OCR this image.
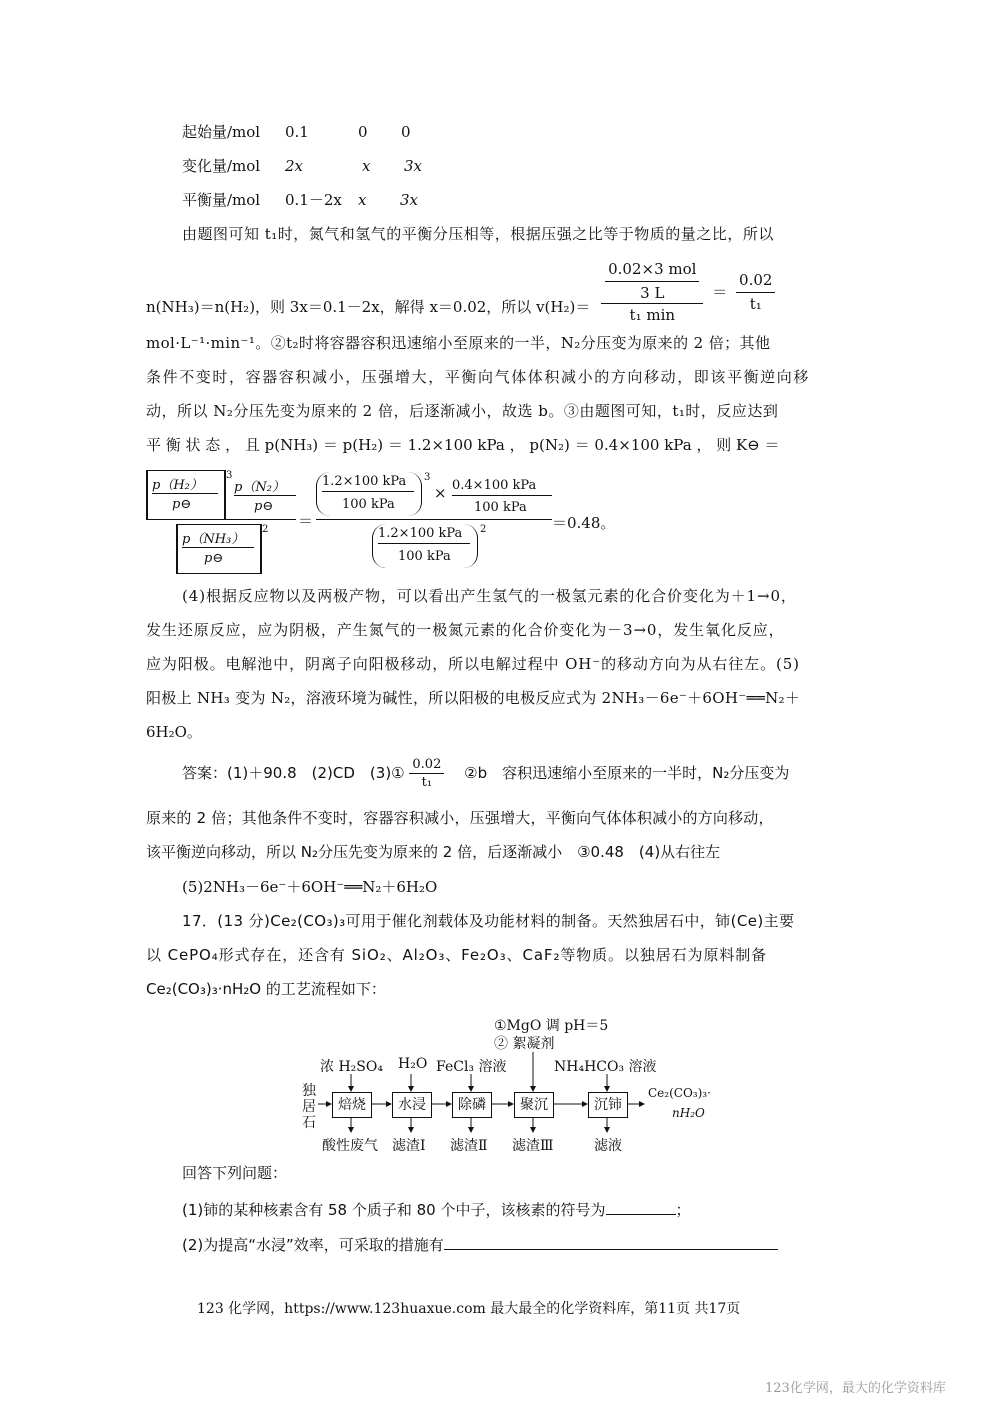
起始量/mol 0.1	0 0
变化量/mol 2x	x 3x
平衡量/mol 0.1－2x x 3x
由题图可知 t₁时，氮气和氢气的平衡分压相等，根据压强之比等于物质的量之比，所以
n(NH₃)＝n(H₂)，则 3x＝0.1－2x，解得 x＝0.02，所以 $v(H_2)= \frac{\frac{\text{0.02×3 mol}}{3 L}}{\text{t₁ min}} = \frac{0.02}{\text{t₁}}$
mol·L⁻¹·min⁻¹。②t₂时将容器容积迅速缩小至原来的一半，N₂分压变为原来的 2 倍；其他
条件不变时，容器容积减小，压强增大，平衡向气体体积减小的方向移动，即该平衡逆向移
动，所以 N₂分压先变为原来的 2 倍，后逐渐减小，故选 b。③由题图可知，t₁时，反应达到
平 衡 状 态 ， 且 p(NH₃) ＝ p(H₂) ＝ 1.2×100 kPa ， p(N₂) ＝ 0.4×100 kPa ， 则 K⊖ ＝
p（H₂）
p⊖
3
p（N₂）
p⊖
p（NH₃）
p⊖
2 ＝
1.2×100 kPa
100 kPa
3
× 0.4×100 kPa
100 kPa
1.2×100 kPa
100 kPa
2	＝0.48。
(4)根据反应物以及两极产物，可以看出产生氢气的一极氢元素的化合价变化为＋1→0，
发生还原反应，应为阴极，产生氮气的一极氮元素的化合价变化为－3→0，发生氧化反应，
应为阳极。电解池中，阴离子向阳极移动，所以电解过程中 OH⁻的移动方向为从右往左。(5)
阳极上 NH₃ 变为 N₂，溶液环境为碱性，所以阳极的电极反应式为 2NH₃－6e⁻＋6OH⁻══N₂＋
6H₂O。
答案：(1)＋90.8　(2)CD　(3)① $\frac{0.02}{\text{t₁}}$ 　②b　容积迅速缩小至原来的一半时，N₂分压变为
原来的 2 倍；其他条件不变时，容器容积减小，压强增大，平衡向气体体积减小的方向移动，
该平衡逆向移动，所以 N₂分压先变为原来的 2 倍，后逐渐减小　③0.48　(4)从右往左
(5)2NH₃－6e⁻＋6OH⁻══N₂＋6H₂O
17．(13 分)Ce₂(CO₃)₃可用于催化剂载体及功能材料的制备。天然独居石中，铈(Ce)主要
以 CePO₄形式存在，还含有 SiO₂、Al₂O₃、Fe₂O₃、CaF₂等物质。以独居石为原料制备
Ce₂(CO₃)₃·nH₂O 的工艺流程如下：
①MgO 调 pH＝5
② 絮凝剂
浓 H₂SO₄ H₂O FeCl₃ 溶液	NH₄HCO₃ 溶液
独
居
石
焙烧	水浸	除磷	聚沉	沉铈
酸性废气 滤渣Ⅰ 滤渣Ⅱ 滤渣Ⅲ	滤液
Ce₂(CO₃)₃·
nH₂O
回答下列问题：
(1)铈的某种核素含有 58 个质子和 80 个中子，该核素的符号为	；
(2)为提高“水浸”效率，可采取的措施有
123 化学网，https://www.123huaxue.com 最大最全的化学资料库，第11页 共17页
123化学网，最大的化学资料库
